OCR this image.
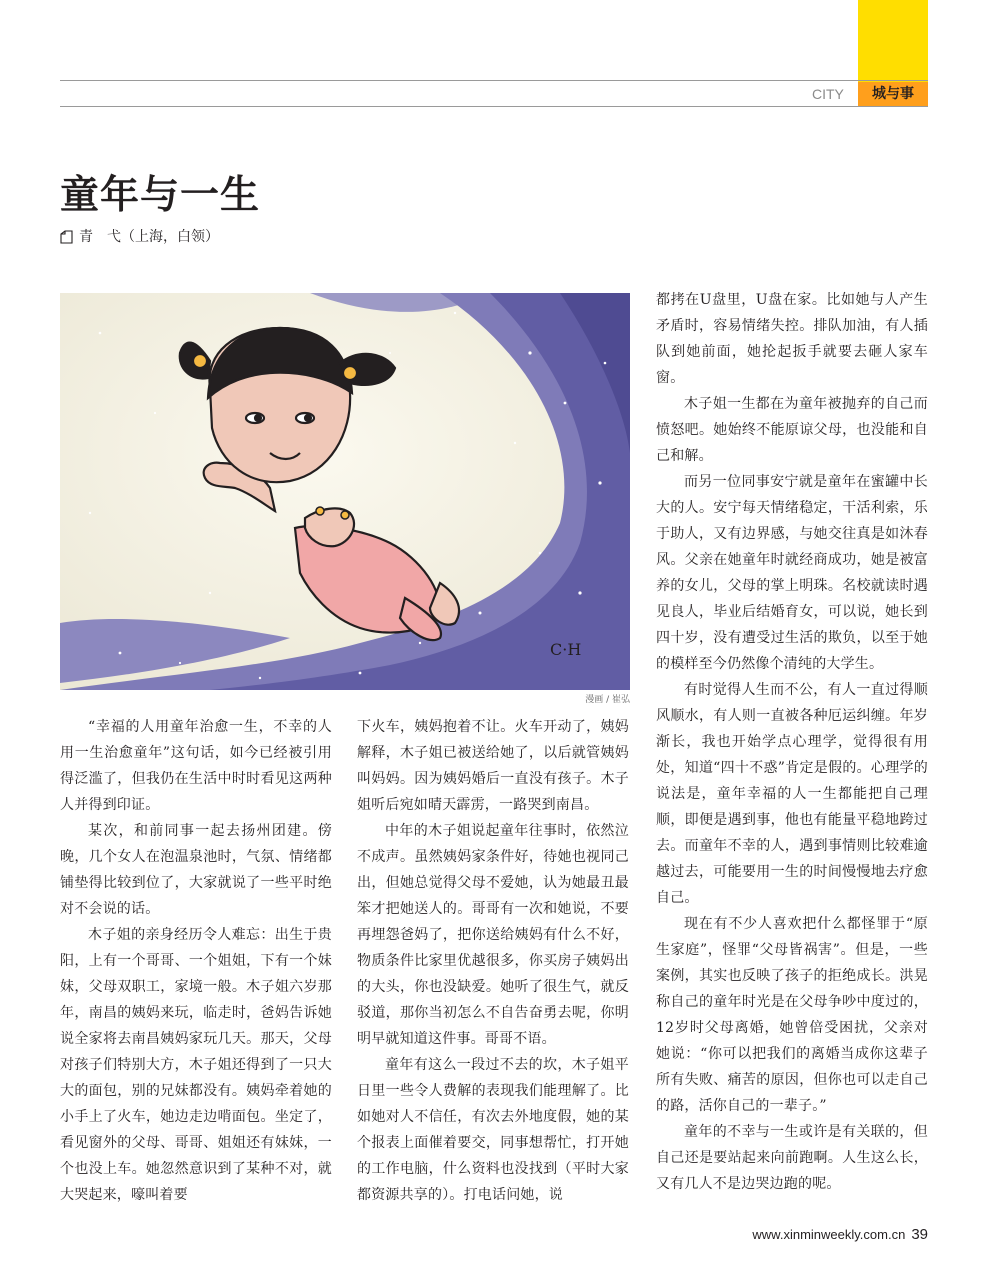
CITY	城与事
童年与一生
青　弋（上海，白领）
C·H
漫画 / 崔弘

“幸福的人用童年治愈一生，不幸的人用一生治愈童年”这句话，如今已经被引用得泛滥了，但我仍在生活中时时看见这两种人并得到印证。

某次，和前同事一起去扬州团建。傍晚，几个女人在泡温泉池时，气氛、情绪都铺垫得比较到位了，大家就说了一些平时绝对不会说的话。

木子姐的亲身经历令人难忘：出生于贵阳，上有一个哥哥、一个姐姐，下有一个妹妹，父母双职工，家境一般。木子姐六岁那年，南昌的姨妈来玩，临走时，爸妈告诉她说全家将去南昌姨妈家玩几天。那天，父母对孩子们特别大方，木子姐还得到了一只大大的面包，别的兄妹都没有。姨妈牵着她的小手上了火车，她边走边啃面包。坐定了，看见窗外的父母、哥哥、姐姐还有妹妹，一个也没上车。她忽然意识到了某种不对，就大哭起来，嚎叫着要

下火车，姨妈抱着不让。火车开动了，姨妈解释，木子姐已被送给她了，以后就管姨妈叫妈妈。因为姨妈婚后一直没有孩子。木子姐听后宛如晴天霹雳，一路哭到南昌。

中年的木子姐说起童年往事时，依然泣不成声。虽然姨妈家条件好，待她也视同己出，但她总觉得父母不爱她，认为她最丑最笨才把她送人的。哥哥有一次和她说，不要再埋怨爸妈了，把你送给姨妈有什么不好，物质条件比家里优越很多，你买房子姨妈出的大头，你也没缺爱。她听了很生气，就反驳道，那你当初怎么不自告奋勇去呢，你明明早就知道这件事。哥哥不语。

童年有这么一段过不去的坎，木子姐平日里一些令人费解的表现我们能理解了。比如她对人不信任，有次去外地度假，她的某个报表上面催着要交，同事想帮忙，打开她的工作电脑，什么资料也没找到（平时大家都资源共享的）。打电话问她，说

都拷在U盘里，U盘在家。比如她与人产生矛盾时，容易情绪失控。排队加油，有人插队到她前面，她抡起扳手就要去砸人家车窗。

木子姐一生都在为童年被抛弃的自己而愤怒吧。她始终不能原谅父母，也没能和自己和解。

而另一位同事安宁就是童年在蜜罐中长大的人。安宁每天情绪稳定，干活利索，乐于助人，又有边界感，与她交往真是如沐春风。父亲在她童年时就经商成功，她是被富养的女儿，父母的掌上明珠。名校就读时遇见良人，毕业后结婚育女，可以说，她长到四十岁，没有遭受过生活的欺负，以至于她的模样至今仍然像个清纯的大学生。

有时觉得人生而不公，有人一直过得顺风顺水，有人则一直被各种厄运纠缠。年岁渐长，我也开始学点心理学，觉得很有用处，知道“四十不惑”肯定是假的。心理学的说法是，童年幸福的人一生都能把自己理顺，即便是遇到事，他也有能量平稳地跨过去。而童年不幸的人，遇到事情则比较难逾越过去，可能要用一生的时间慢慢地去疗愈自己。

现在有不少人喜欢把什么都怪罪于“原生家庭”，怪罪“父母皆祸害”。但是，一些案例，其实也反映了孩子的拒绝成长。洪晃称自己的童年时光是在父母争吵中度过的，12岁时父母离婚，她曾倍受困扰，父亲对她说：“你可以把我们的离婚当成你这辈子所有失败、痛苦的原因，但你也可以走自己的路，活你自己的一辈子。”

童年的不幸与一生或许是有关联的，但自己还是要站起来向前跑啊。人生这么长，又有几人不是边哭边跑的呢。

www.xinminweekly.com.cn 39
